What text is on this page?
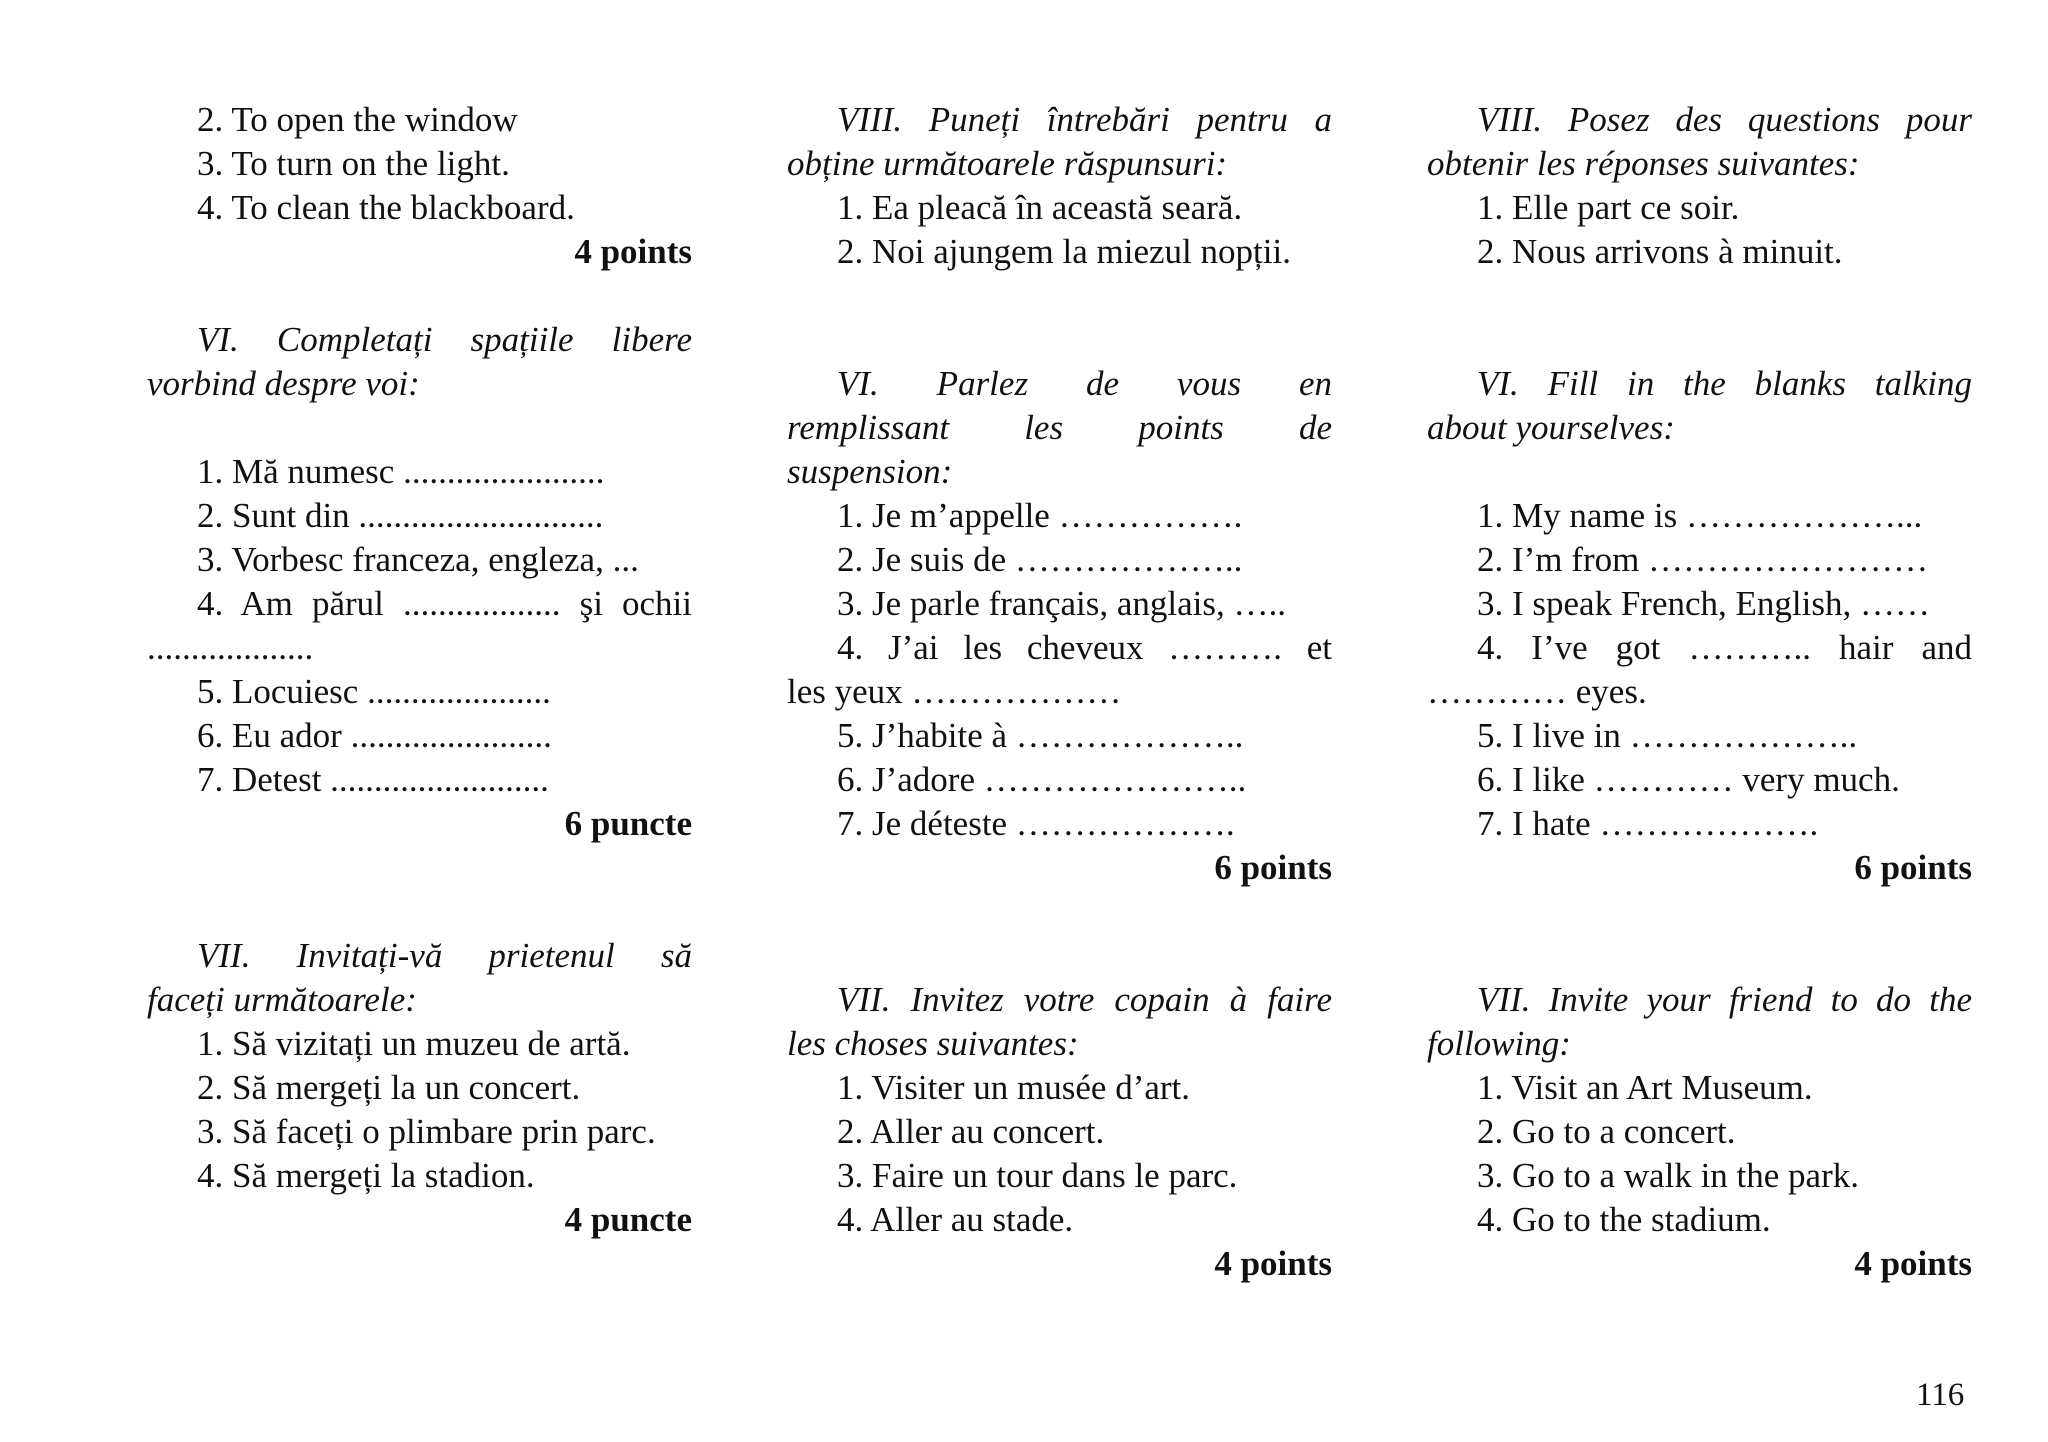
2. To open the window
3. To turn on the light.
4. To clean the blackboard.
4 points
VI. Completați spațiile libere
vorbind despre voi:
1. Mă numesc .......................
2. Sunt din ............................
3. Vorbesc franceza, engleza, ...
4. Am părul .................. şi ochii
...................
5. Locuiesc .....................
6. Eu ador .......................
7. Detest .........................
6 puncte
VII. Invitați-vă prietenul să
faceți următoarele:
1. Să vizitați un muzeu de artă.
2. Să mergeți la un concert.
3. Să faceți o plimbare prin parc.
4. Să mergeți la stadion.
4 puncte
VIII. Puneți întrebări pentru a
obține următoarele răspunsuri:
1. Ea pleacă în această seară.
2. Noi ajungem la miezul nopții.
VI. Parlez de vous en
remplissant les points de
suspension:
1. Je m’appelle …………….
2. Je suis de ………………..
3. Je parle français, anglais, …..
4. J’ai les cheveux ………. et
les yeux ………………
5. J’habite à ………………..
6. J’adore …………………..
7. Je déteste ……………….
6 points
VII. Invitez votre copain à faire
les choses suivantes:
1. Visiter un musée d’art.
2. Aller au concert.
3. Faire un tour dans le parc.
4. Aller au stade.
4 points
VIII. Posez des questions pour
obtenir les réponses suivantes:
1. Elle part ce soir.
2. Nous arrivons à minuit.
VI. Fill in the blanks talking
about yourselves:
1. My name is ………………...
2. I’m from ……………………
3. I speak French, English, ……
4. I’ve got ……….. hair and
………… eyes.
5. I live in ………………..
6. I like ………… very much.
7. I hate ……………….
6 points
VII. Invite your friend to do the
following:
1. Visit an Art Museum.
2. Go to a concert.
3. Go to a walk in the park.
4. Go to the stadium.
4 points
116
